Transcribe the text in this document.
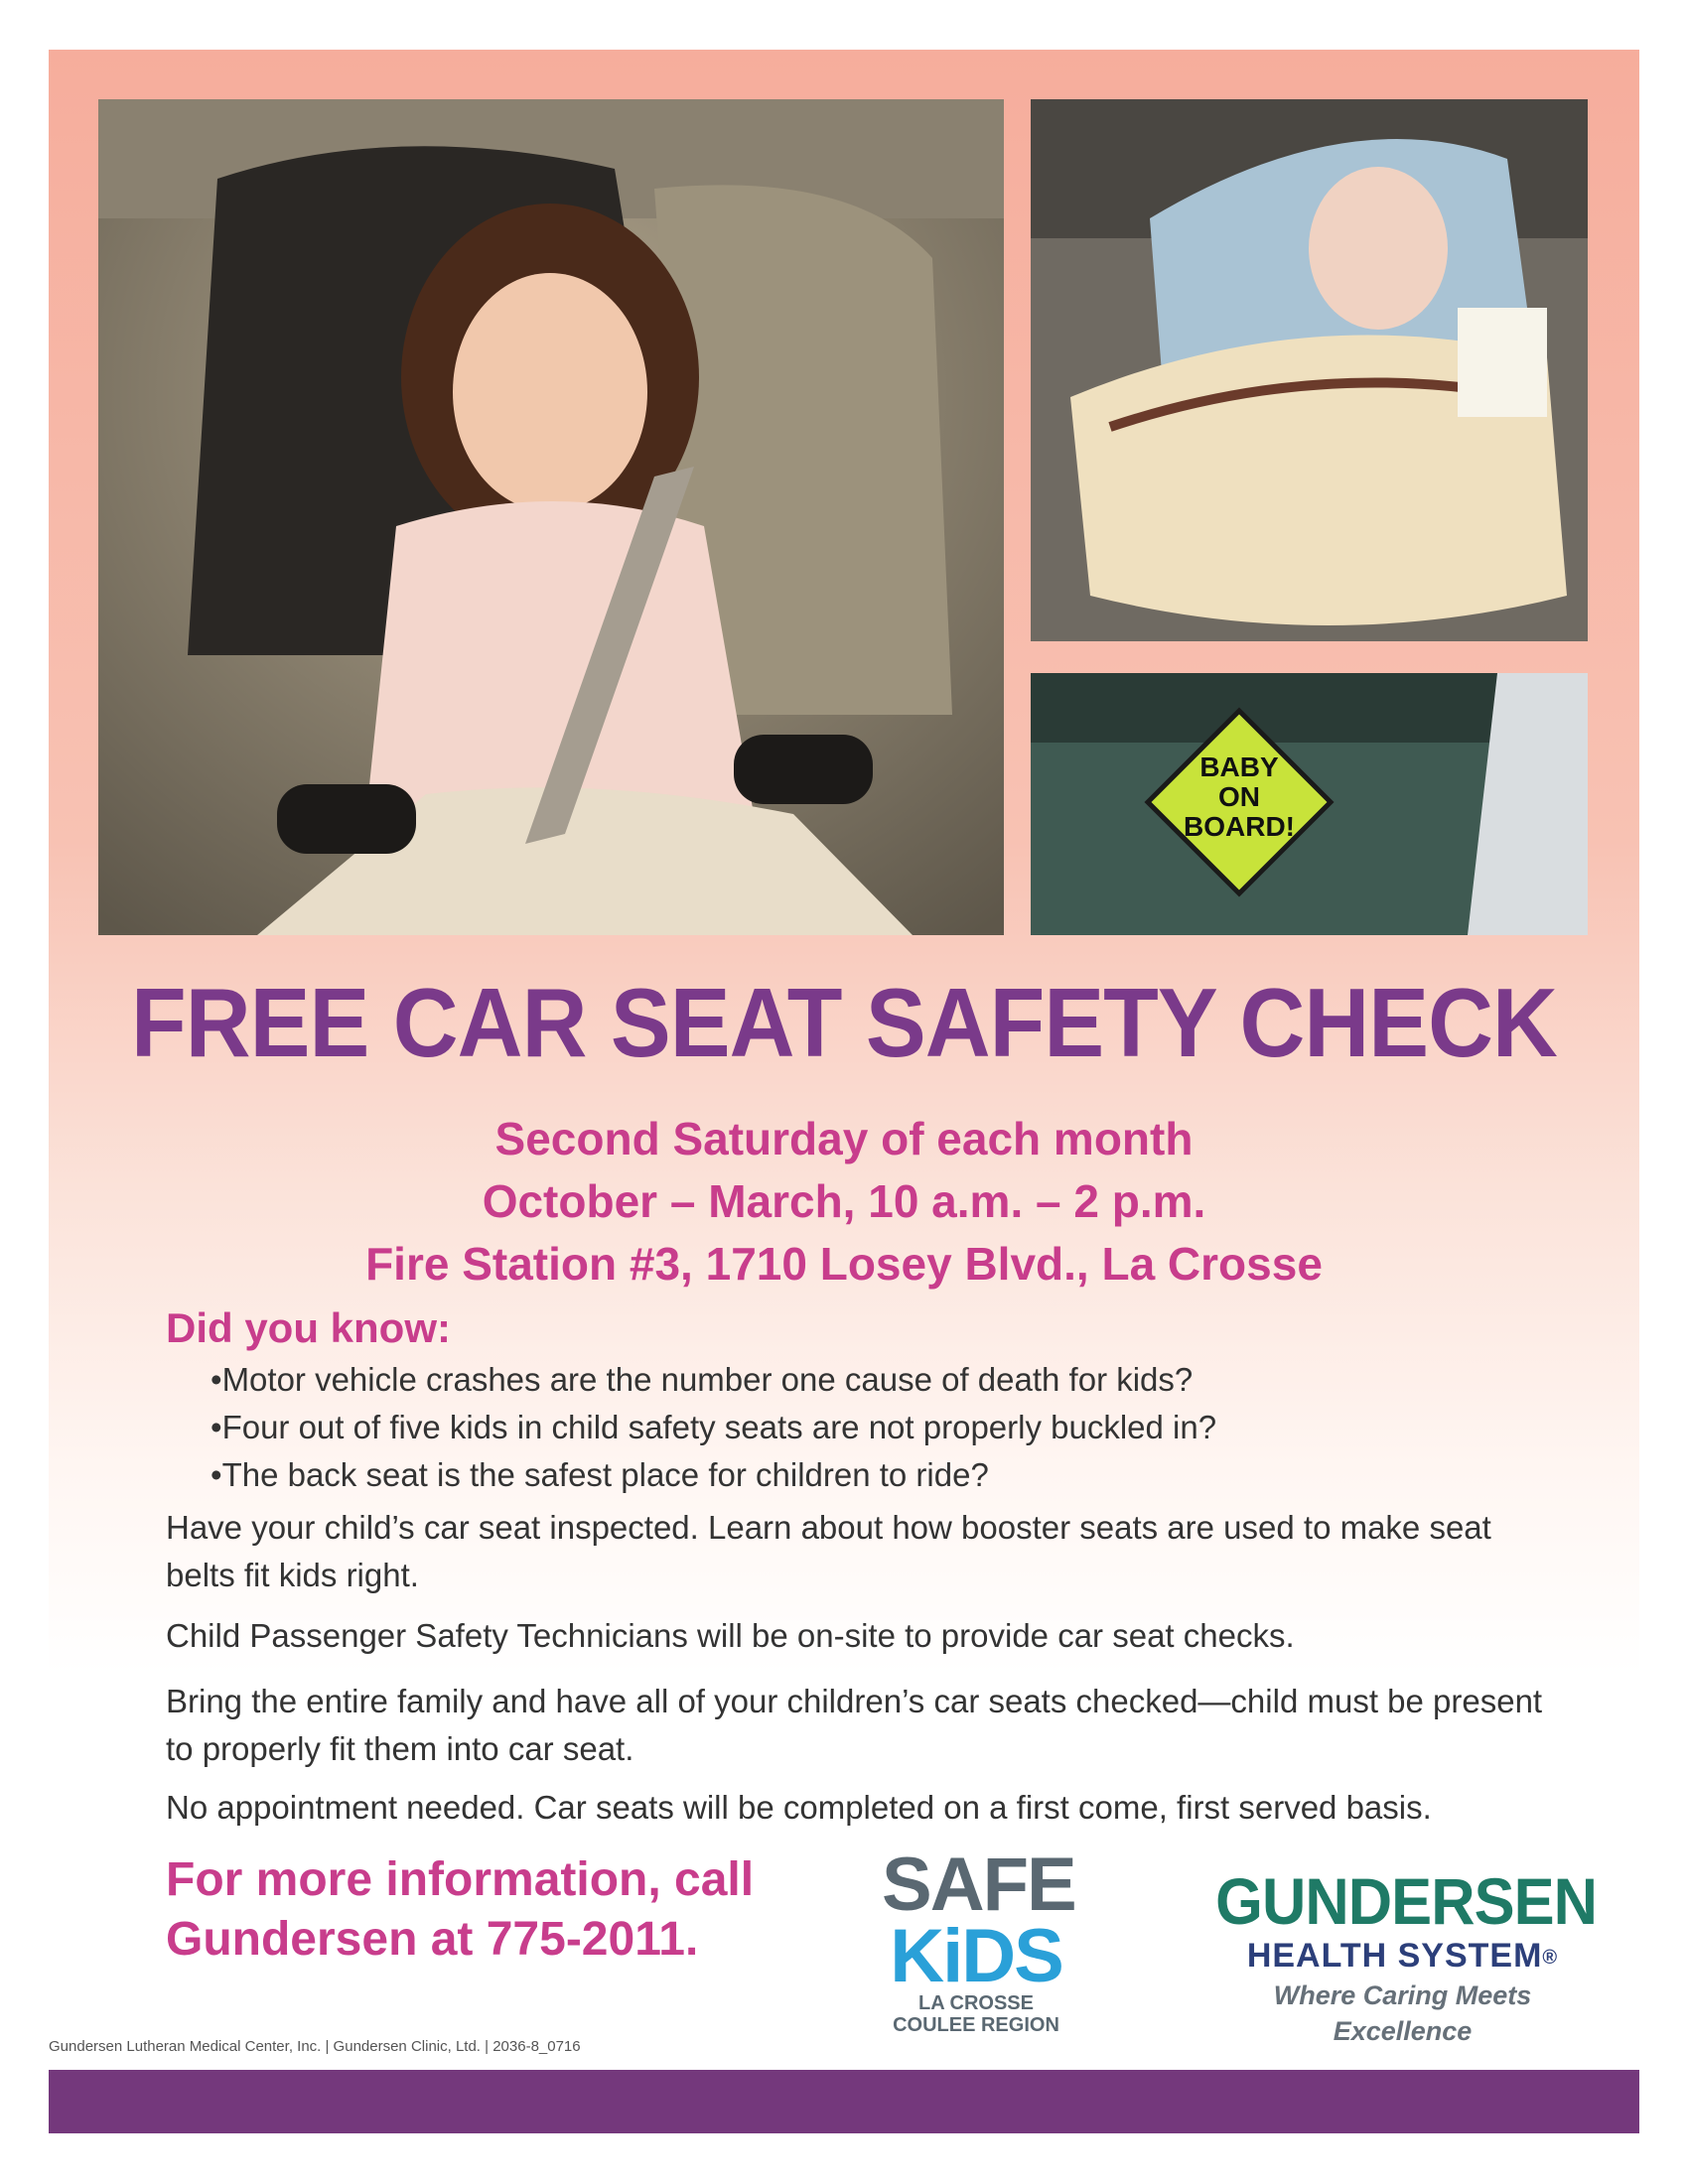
BABY
ON
BOARD!
FREE CAR SEAT SAFETY CHECK

Second Saturday of each month

October – March, 10 a.m. – 2 p.m.

Fire Station #3, 1710 Losey Blvd., La Crosse

Did you know:

• Motor vehicle crashes are the number one cause of death for kids?
• Four out of five kids in child safety seats are not properly buckled in?
• The back seat is the safest place for children to ride?

Have your child’s car seat inspected. Learn about how booster seats are used to make seat belts fit kids right.

Child Passenger Safety Technicians will be on-site to provide car seat checks.

Bring the entire family and have all of your children’s car seats checked—child must be present to properly fit them into car seat.

No appointment needed. Car seats will be completed on a first come, first served basis.

For more information, call
Gundersen at 775-2011.
SAFE
KiDS
LA CROSSE
COULEE REGION
GUNDERSEN
HEALTH SYSTEM®
Where Caring Meets Excellence
Gundersen Lutheran Medical Center, Inc. | Gundersen Clinic, Ltd. | 2036-8_0716
